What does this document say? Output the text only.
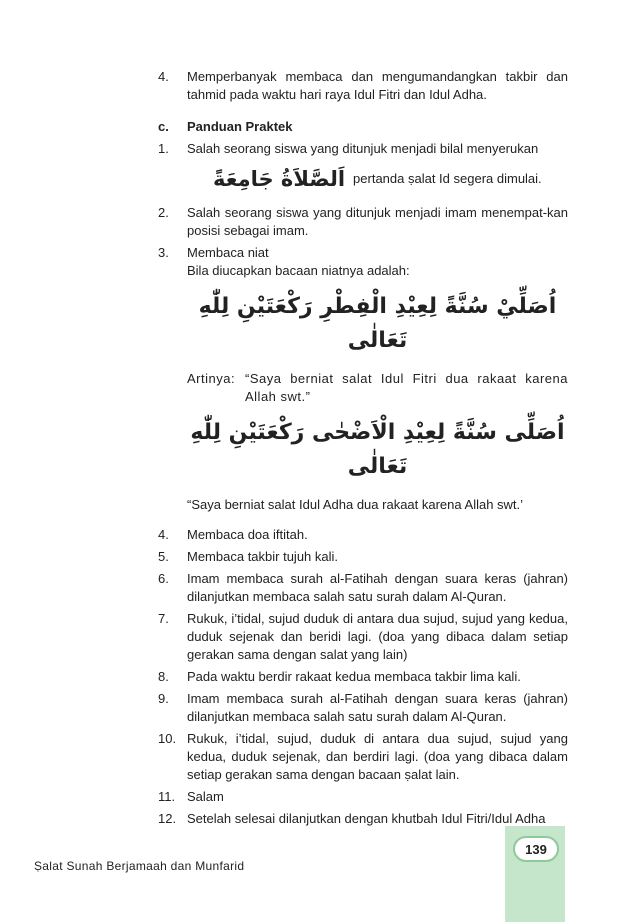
4.	Memperbanyak membaca dan mengumandangkan takbir dan tahmid pada waktu hari raya Idul Fitri dan Idul Adha.
c.	Panduan Praktek
1.	Salah seorang siswa yang ditunjuk menjadi bilal menyerukan
اَلصَّلاَةُ جَامِعَةً pertanda ṣalat Id segera dimulai.
2.	Salah seorang siswa yang ditunjuk menjadi imam menempat-kan posisi sebagai imam.
3.	Membaca niat
Bila diucapkan bacaan niatnya adalah:
اُصَلِّيْ سُنَّةً لِعِيْدِ الْفِطْرِ رَكْعَتَيْنِ لِلّٰهِ تَعَالٰى
Artinya: “Saya berniat salat Idul Fitri dua rakaat karena Allah swt.”
اُصَلِّى سُنَّةً لِعِيْدِ الْاَضْحٰى رَكْعَتَيْنِ لِلّٰهِ تَعَالٰى
“Saya berniat salat Idul Adha dua rakaat karena Allah swt.’
4.	Membaca doa iftitah.
5.	Membaca takbir tujuh kali.
6.	Imam membaca surah al-Fatihah dengan suara keras (jahran) dilanjutkan membaca salah satu surah dalam Al-Quran.
7.	Rukuk, i’tidal, sujud duduk di antara dua sujud, sujud yang kedua, duduk sejenak dan beridi lagi. (doa yang dibaca dalam setiap gerakan sama dengan salat yang lain)
8.	Pada waktu berdir rakaat kedua membaca takbir lima kali.
9.	Imam membaca surah al-Fatihah dengan suara keras (jahran) dilanjutkan membaca salah satu surah dalam Al-Quran.
10. Rukuk, i’tidal, sujud, duduk di antara dua sujud, sujud yang kedua, duduk sejenak, dan berdiri lagi. (doa yang dibaca dalam setiap gerakan sama dengan bacaan ṣalat lain.
11. Salam
12. Setelah selesai dilanjutkan dengan khutbah Idul Fitri/Idul Adha
Ṣalat Sunah Berjamaah dan Munfarid
139
